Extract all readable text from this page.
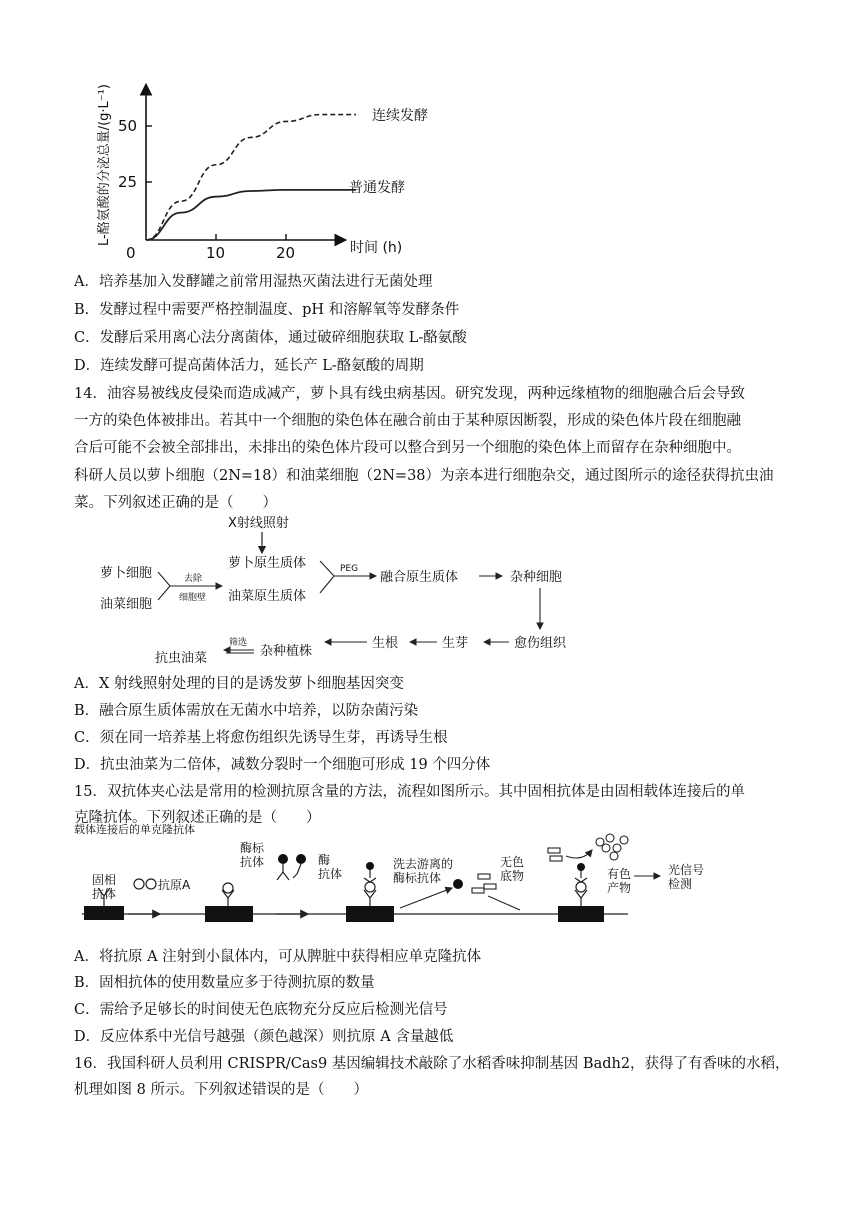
50
25
0	10	20	时间 (h)
L-酪氨酸的分泌总量/(g·L⁻¹)	连续发酵
普通发酵
A．培养基加入发酵罐之前常用湿热灭菌法进行无菌处理
B．发酵过程中需要严格控制温度、pH 和溶解氧等发酵条件
C．发酵后采用离心法分离菌体，通过破碎细胞获取 L-酪氨酸
D．连续发酵可提高菌体活力，延长产 L-酪氨酸的周期
14．油容易被线皮侵染而造成减产，萝卜具有线虫病基因。研究发现，两种远缘植物的细胞融合后会导致
一方的染色体被排出。若其中一个细胞的染色体在融合前由于某种原因断裂，形成的染色体片段在细胞融
合后可能不会被全部排出，未排出的染色体片段可以整合到另一个细胞的染色体上而留存在杂种细胞中。
科研人员以萝卜细胞（2N=18）和油菜细胞（2N=38）为亲本进行细胞杂交，通过图所示的途径获得抗虫油
菜。下列叙述正确的是（　　）
X射线照射
萝卜细胞
油菜细胞
去除
细胞壁
萝卜原生质体
油菜原生质体
PEG
融合原生质体	杂种细胞
愈伤组织
生芽
生根
杂种植株
筛选
抗虫油菜
A．X 射线照射处理的目的是诱发萝卜细胞基因突变
B．融合原生质体需放在无菌水中培养，以防杂菌污染
C．须在同一培养基上将愈伤组织先诱导生芽，再诱导生根
D．抗虫油菜为二倍体，减数分裂时一个细胞可形成 19 个四分体
15．双抗体夹心法是常用的检测抗原含量的方法，流程如图所示。其中固相抗体是由固相载体连接后的单
克隆抗体。下列叙述正确的是（　　）
载体连接后的单克隆抗体
固相
抗体
抗原A
酶标
抗体	酶
抗体
洗去游离的
酶标抗体
无色
底物	有色
产物
光信号
检测
A．将抗原 A 注射到小鼠体内，可从脾脏中获得相应单克隆抗体
B．固相抗体的使用数量应多于待测抗原的数量
C．需给予足够长的时间使无色底物充分反应后检测光信号
D．反应体系中光信号越强（颜色越深）则抗原 A 含量越低
16．我国科研人员利用 CRISPR/Cas9 基因编辑技术敲除了水稻香味抑制基因 Badh2，获得了有香味的水稻，
机理如图 8 所示。下列叙述错误的是（　　）
